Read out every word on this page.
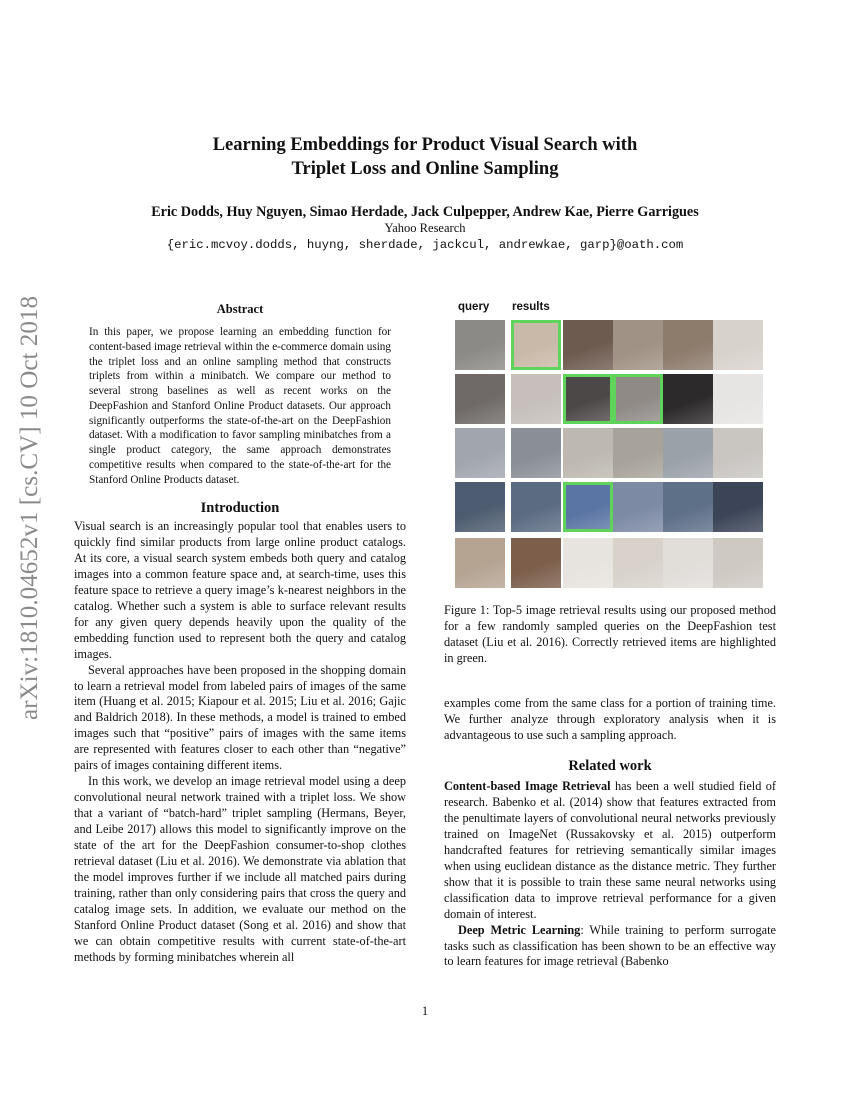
Learning Embeddings for Product Visual Search with
Triplet Loss and Online Sampling
Eric Dodds, Huy Nguyen, Simao Herdade, Jack Culpepper, Andrew Kae, Pierre Garrigues
Yahoo Research
{eric.mcvoy.dodds, huyng, sherdade, jackcul, andrewkae, garp}@oath.com
arXiv:1810.04652v1 [cs.CV] 10 Oct 2018	Abstract
In this paper, we propose learning an embedding function for content-based image retrieval within the e-commerce domain using the triplet loss and an online sampling method that constructs triplets from within a minibatch. We compare our method to several strong baselines as well as recent works on the DeepFashion and Stanford Online Product datasets. Our approach significantly outperforms the state-of-the-art on the DeepFashion dataset. With a modification to favor sampling minibatches from a single product category, the same approach demonstrates competitive results when compared to the state-of-the-art for the Stanford Online Products dataset.
Introduction

Visual search is an increasingly popular tool that enables users to quickly find similar products from large online product catalogs. At its core, a visual search system embeds both query and catalog images into a common feature space and, at search-time, uses this feature space to retrieve a query image’s k-nearest neighbors in the catalog. Whether such a system is able to surface relevant results for any given query depends heavily upon the quality of the embedding function used to represent both the query and catalog images.

Several approaches have been proposed in the shopping domain to learn a retrieval model from labeled pairs of images of the same item (Huang et al. 2015; Kiapour et al. 2015; Liu et al. 2016; Gajic and Baldrich 2018). In these methods, a model is trained to embed images such that “positive” pairs of images with the same items are represented with features closer to each other than “negative” pairs of images containing different items.

In this work, we develop an image retrieval model using a deep convolutional neural network trained with a triplet loss. We show that a variant of “batch-hard” triplet sampling (Hermans, Beyer, and Leibe 2017) allows this model to significantly improve on the state of the art for the DeepFashion consumer-to-shop clothes retrieval dataset (Liu et al. 2016). We demonstrate via ablation that the model improves further if we include all matched pairs during training, rather than only considering pairs that cross the query and catalog image sets. In addition, we evaluate our method on the Stanford Online Product dataset (Song et al. 2016) and show that we can obtain competitive results with current state-of-the-art methods by forming minibatches wherein all

query results
Figure 1: Top-5 image retrieval results using our proposed method for a few randomly sampled queries on the DeepFashion test dataset (Liu et al. 2016). Correctly retrieved items are highlighted in green.

examples come from the same class for a portion of training time. We further analyze through exploratory analysis when it is advantageous to use such a sampling approach.

Related work

Content-based Image Retrieval has been a well studied field of research. Babenko et al. (2014) show that features extracted from the penultimate layers of convolutional neural networks previously trained on ImageNet (Russakovsky et al. 2015) outperform handcrafted features for retrieving semantically similar images when using euclidean distance as the distance metric. They further show that it is possible to train these same neural networks using classification data to improve retrieval performance for a given domain of interest.

Deep Metric Learning: While training to perform surrogate tasks such as classification has been shown to be an effective way to learn features for image retrieval (Babenko

1
